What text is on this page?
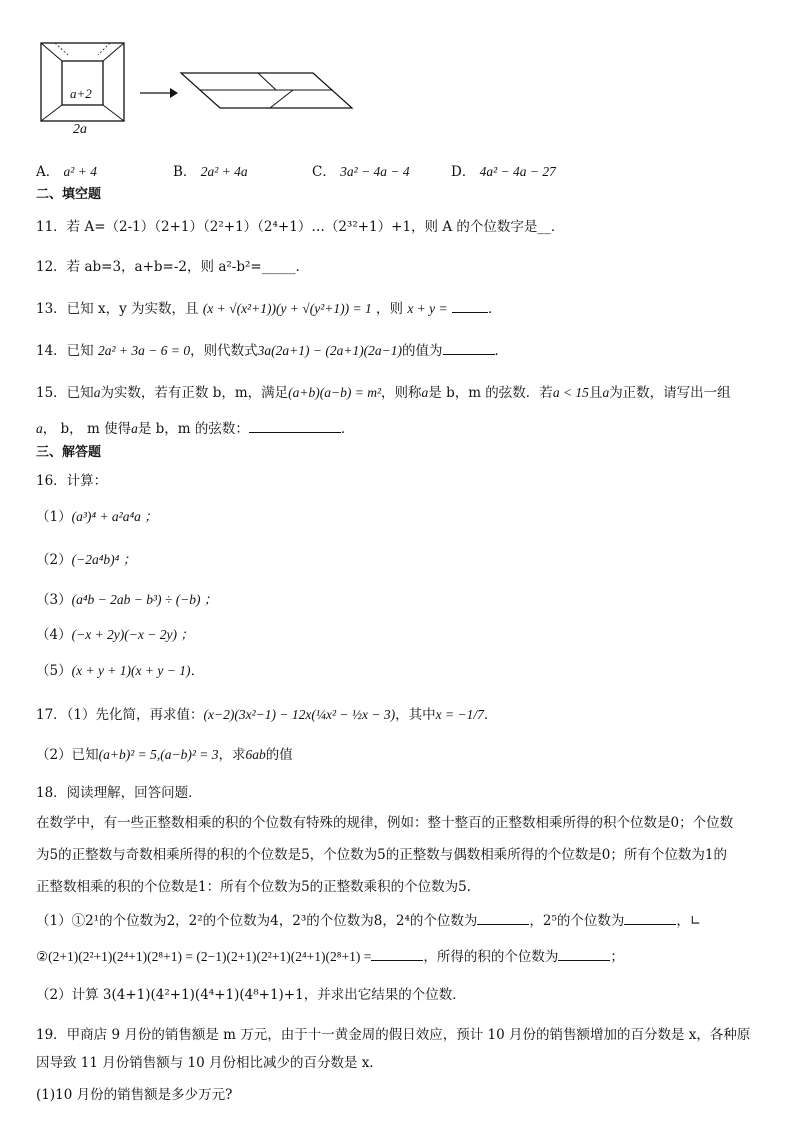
a+2
2a
A． a² + 4	B． 2a² + 4a	C． 3a² − 4a − 4	D． 4a² − 4a − 27
二、填空题
11．若 A=（2-1）（2+1）（2²+1）（2⁴+1）…（2³²+1）+1，则 A 的个位数字是__．
12．若 ab=3，a+b=-2，则 a²-b²=_____．
13．已知 x，y 为实数，且 (x + √(x²+1))(y + √(y²+1)) = 1 ，则 x + y =	．
14．已知 2a² + 3a − 6 = 0，则代数式3a(2a+1) − (2a+1)(2a−1)的值为	．
15．已知a为实数，若有正数 b，m，满足(a+b)(a−b) = m²，则称a是 b，m 的弦数．若a < 15且a为正数，请写出一组
a， b， m 使得a是 b，m 的弦数：	．
三、解答题
16．计算：
（1）(a³)⁴ + a²a⁴a ；
（2）(−2a⁴b)⁴ ；
（3）(a⁴b − 2ab − b³) ÷ (−b) ；
（4）(−x + 2y)(−x − 2y) ；
（5）(x + y + 1)(x + y − 1)．
17．（1）先化简，再求值：(x−2)(3x²−1) − 12x(¼x² − ½x − 3)，其中x = −1/7．
（2）已知(a+b)² = 5,(a−b)² = 3，求6ab的值
18．阅读理解，回答问题．
在数学中，有一些正整数相乘的积的个位数有特殊的规律，例如：整十整百的正整数相乘所得的积个位数是0；个位数
为5的正整数与奇数相乘所得的积的个位数是5，个位数为5的正整数与偶数相乘所得的个位数是0；所有个位数为1的
正整数相乘的积的个位数是1：所有个位数为5的正整数乘积的个位数为5．
（1）①2¹的个位数为2，2²的个位数为4，2³的个位数为8，2⁴的个位数为	，2⁵的个位数为	，∟
②(2+1)(2²+1)(2⁴+1)(2⁸+1) = (2−1)(2+1)(2²+1)(2⁴+1)(2⁸+1) =	，所得的积的个位数为	；
（2）计算 3(4+1)(4²+1)(4⁴+1)(4⁸+1)+1，并求出它结果的个位数．
19．甲商店 9 月份的销售额是 m 万元，由于十一黄金周的假日效应，预计 10 月份的销售额增加的百分数是 x，各种原
因导致 11 月份销售额与 10 月份相比减少的百分数是 x．
(1)10 月份的销售额是多少万元?
